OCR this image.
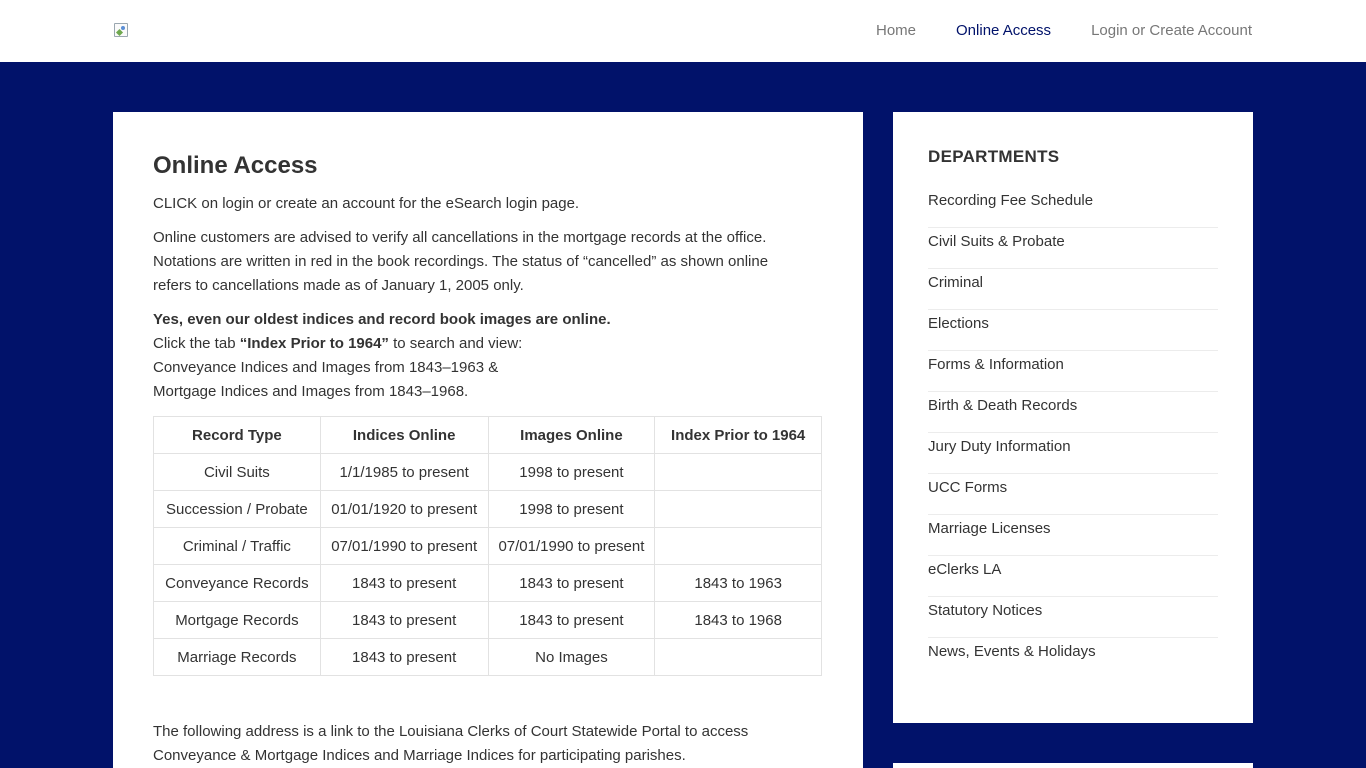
Home	Online Access	Login or Create Account
Online Access

CLICK on login or create an account for the eSearch login page.

Online customers are advised to verify all cancellations in the mortgage records at the office.
Notations are written in red in the book recordings. The status of “cancelled” as shown online
refers to cancellations made as of January 1, 2005 only.

Yes, even our oldest indices and record book images are online.
Click the tab “Index Prior to 1964” to search and view:
Conveyance Indices and Images from 1843–1963 &
Mortgage Indices and Images from 1843–1968.

Record Type	Indices Online	Images Online	Index Prior to 1964
Civil Suits	1/1/1985 to present	1998 to present	
Succession / Probate	01/01/1920 to present	1998 to present	
Criminal / Traffic	07/01/1990 to present	07/01/1990 to present	
Conveyance Records	1843 to present	1843 to present	1843 to 1963
Mortgage Records	1843 to present	1843 to present	1843 to 1968
Marriage Records	1843 to present	No Images	
The following address is a link to the Louisiana Clerks of Court Statewide Portal to access
Conveyance & Mortgage Indices and Marriage Indices for participating parishes.
DEPARTMENTS
Recording Fee Schedule
Civil Suits & Probate
Criminal
Elections
Forms & Information
Birth & Death Records
Jury Duty Information
UCC Forms
Marriage Licenses
eClerks LA
Statutory Notices
News, Events & Holidays
